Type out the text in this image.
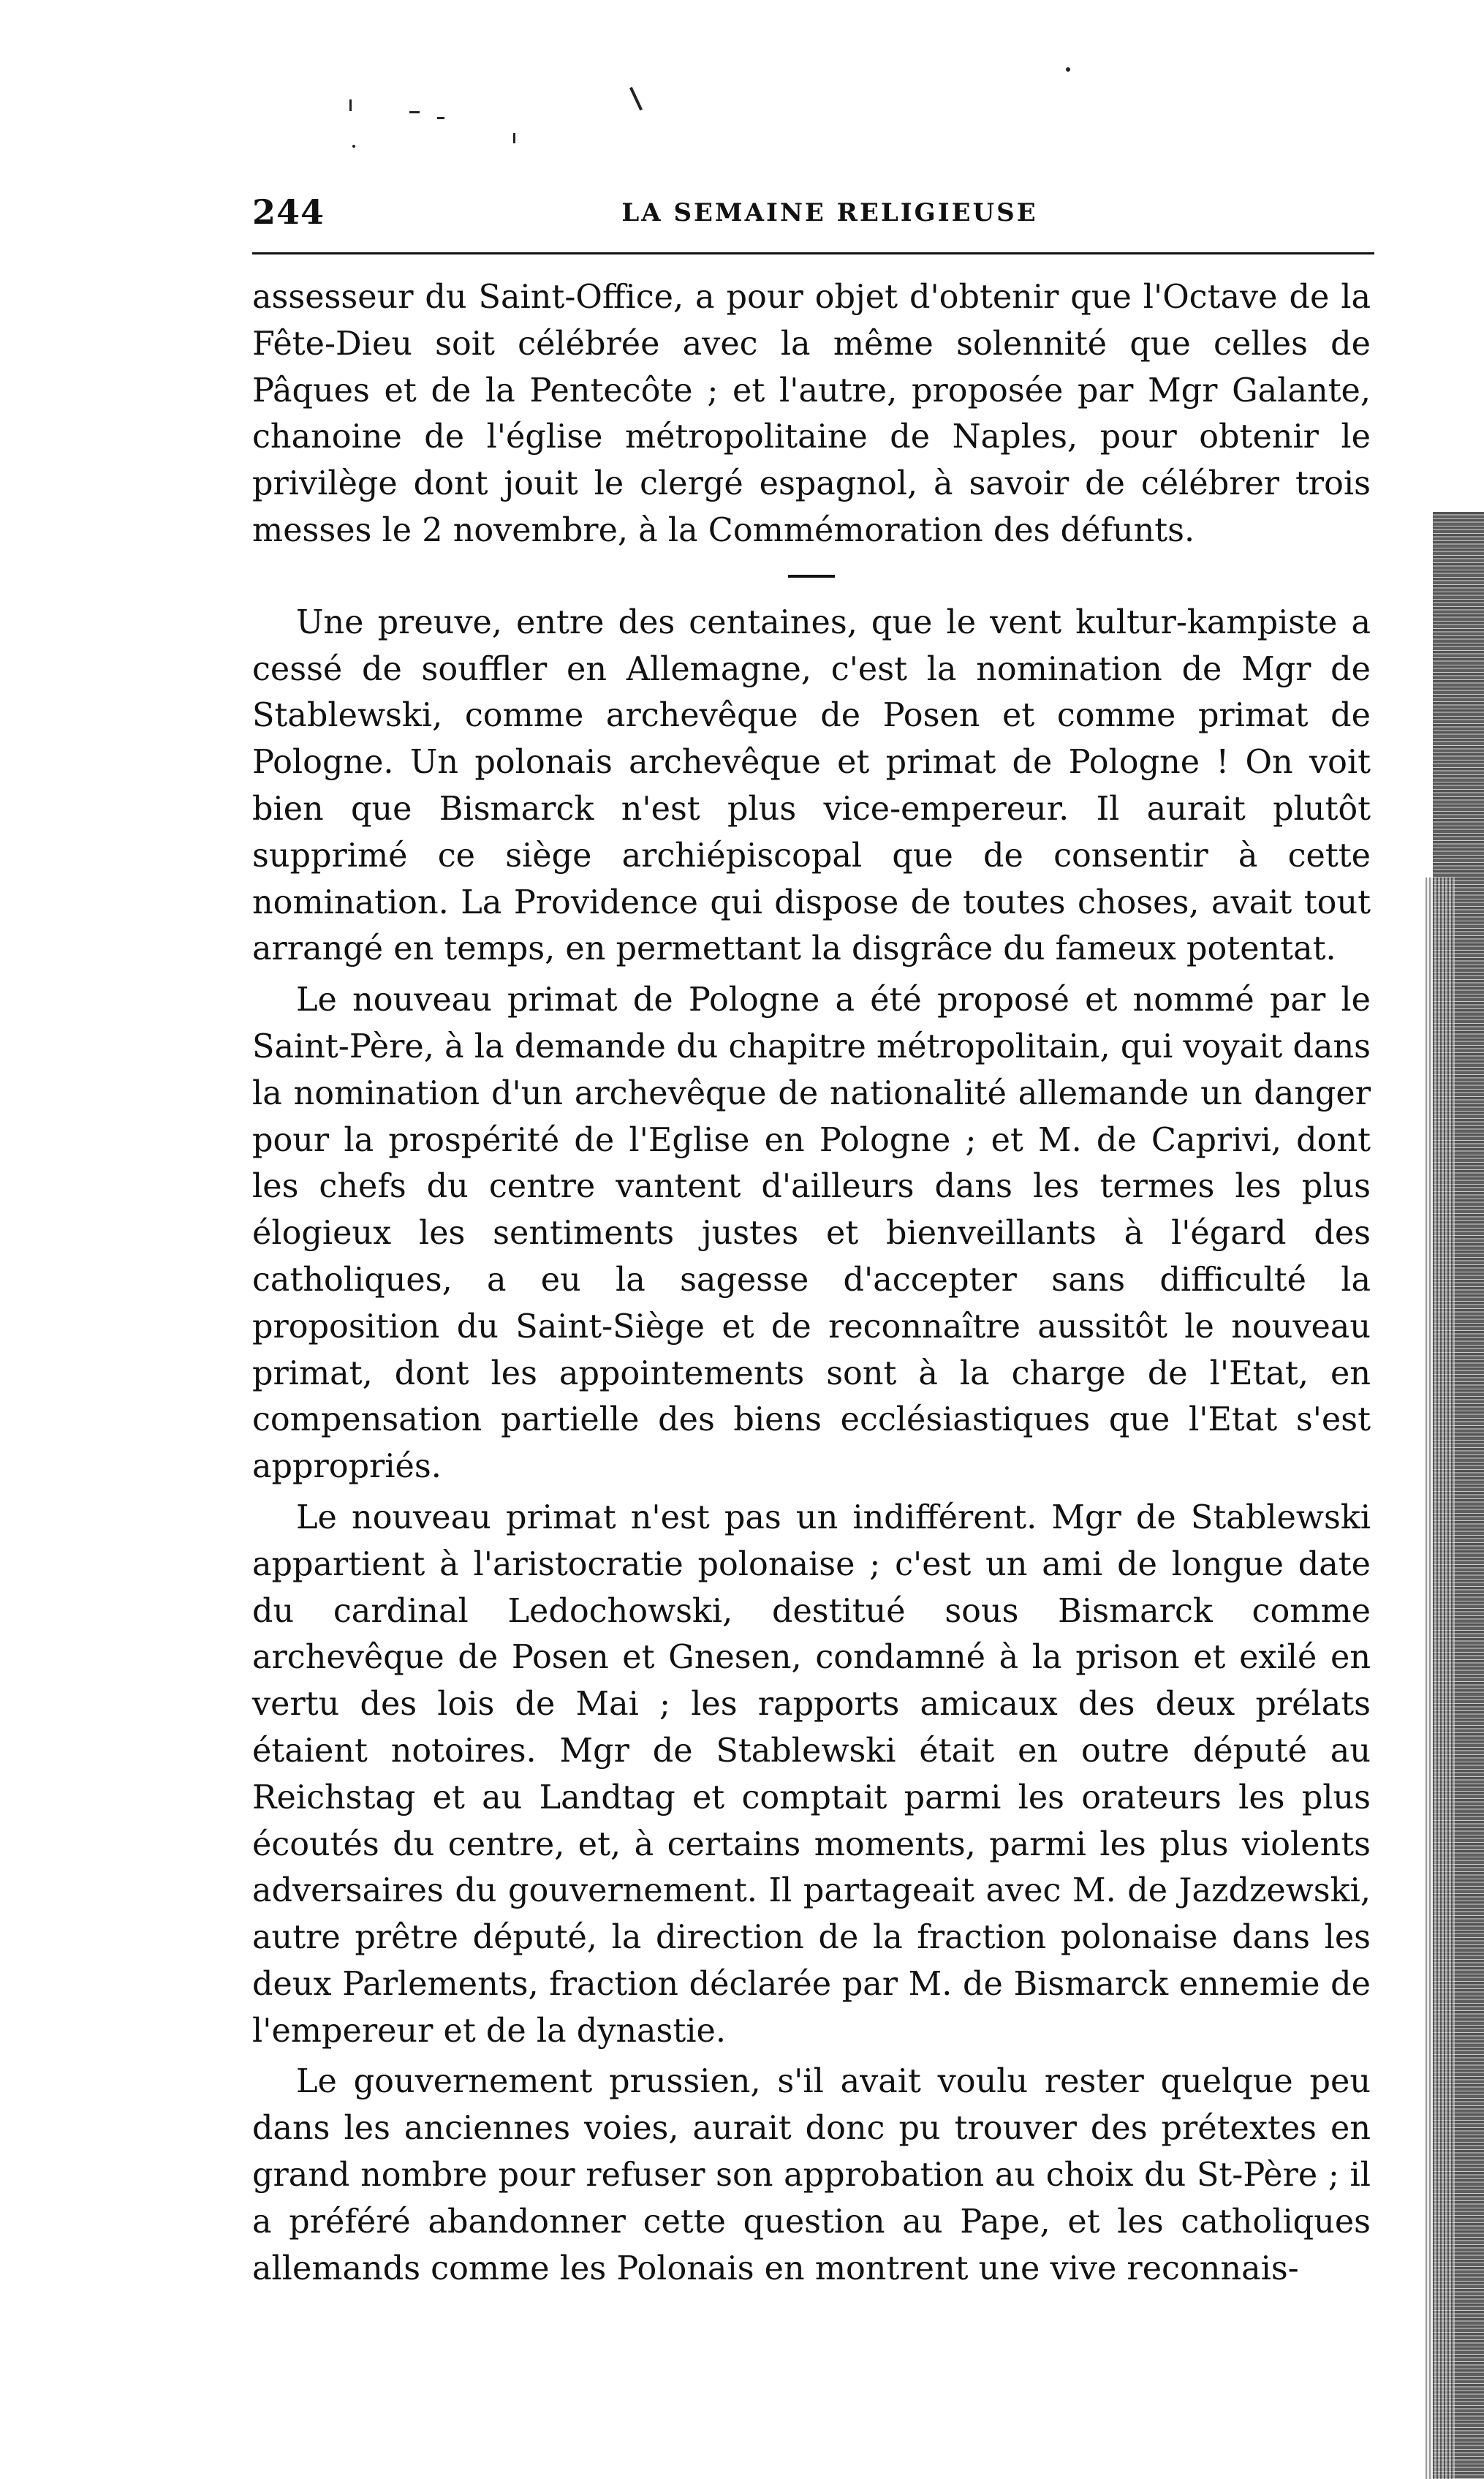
244	LA SEMAINE RELIGIEUSE

assesseur du Saint-Office, a pour objet d'obtenir que l'Octave de la Fête-Dieu soit célébrée avec la même solennité que celles de Pâques et de la Pentecôte ; et l'autre, proposée par Mgr Galante, chanoine de l'église métropolitaine de Naples, pour obtenir le privilège dont jouit le clergé espagnol, à savoir de célébrer trois messes le 2 novembre, à la Commémoration des défunts.

Une preuve, entre des centaines, que le vent kultur-kampiste a cessé de souffler en Allemagne, c'est la nomination de Mgr de Stablewski, comme archevêque de Posen et comme primat de Pologne. Un polonais archevêque et primat de Pologne ! On voit bien que Bismarck n'est plus vice-empereur. Il aurait plutôt supprimé ce siège archiépiscopal que de consentir à cette nomination. La Providence qui dispose de toutes choses, avait tout arrangé en temps, en permettant la disgrâce du fameux potentat.

Le nouveau primat de Pologne a été proposé et nommé par le Saint-Père, à la demande du chapitre métropolitain, qui voyait dans la nomination d'un archevêque de nationalité allemande un danger pour la prospérité de l'Eglise en Pologne ; et M. de Caprivi, dont les chefs du centre vantent d'ailleurs dans les termes les plus élogieux les sentiments justes et bienveillants à l'égard des catholiques, a eu la sagesse d'accepter sans difficulté la proposition du Saint-Siège et de reconnaître aussitôt le nouveau primat, dont les appointements sont à la charge de l'Etat, en compensation partielle des biens ecclésiastiques que l'Etat s'est appropriés.

Le nouveau primat n'est pas un indifférent. Mgr de Stablewski appartient à l'aristocratie polonaise ; c'est un ami de longue date du cardinal Ledochowski, destitué sous Bismarck comme archevêque de Posen et Gnesen, condamné à la prison et exilé en vertu des lois de Mai ; les rapports amicaux des deux prélats étaient notoires. Mgr de Stablewski était en outre député au Reichstag et au Landtag et comptait parmi les orateurs les plus écoutés du centre, et, à certains moments, parmi les plus violents adversaires du gouvernement. Il partageait avec M. de Jazdzewski, autre prêtre député, la direction de la fraction polonaise dans les deux Parlements, fraction déclarée par M. de Bismarck ennemie de l'empereur et de la dynastie.

Le gouvernement prussien, s'il avait voulu rester quelque peu dans les anciennes voies, aurait donc pu trouver des prétextes en grand nombre pour refuser son approbation au choix du St-Père ; il a préféré abandonner cette question au Pape, et les catholiques allemands comme les Polonais en montrent une vive reconnais-
